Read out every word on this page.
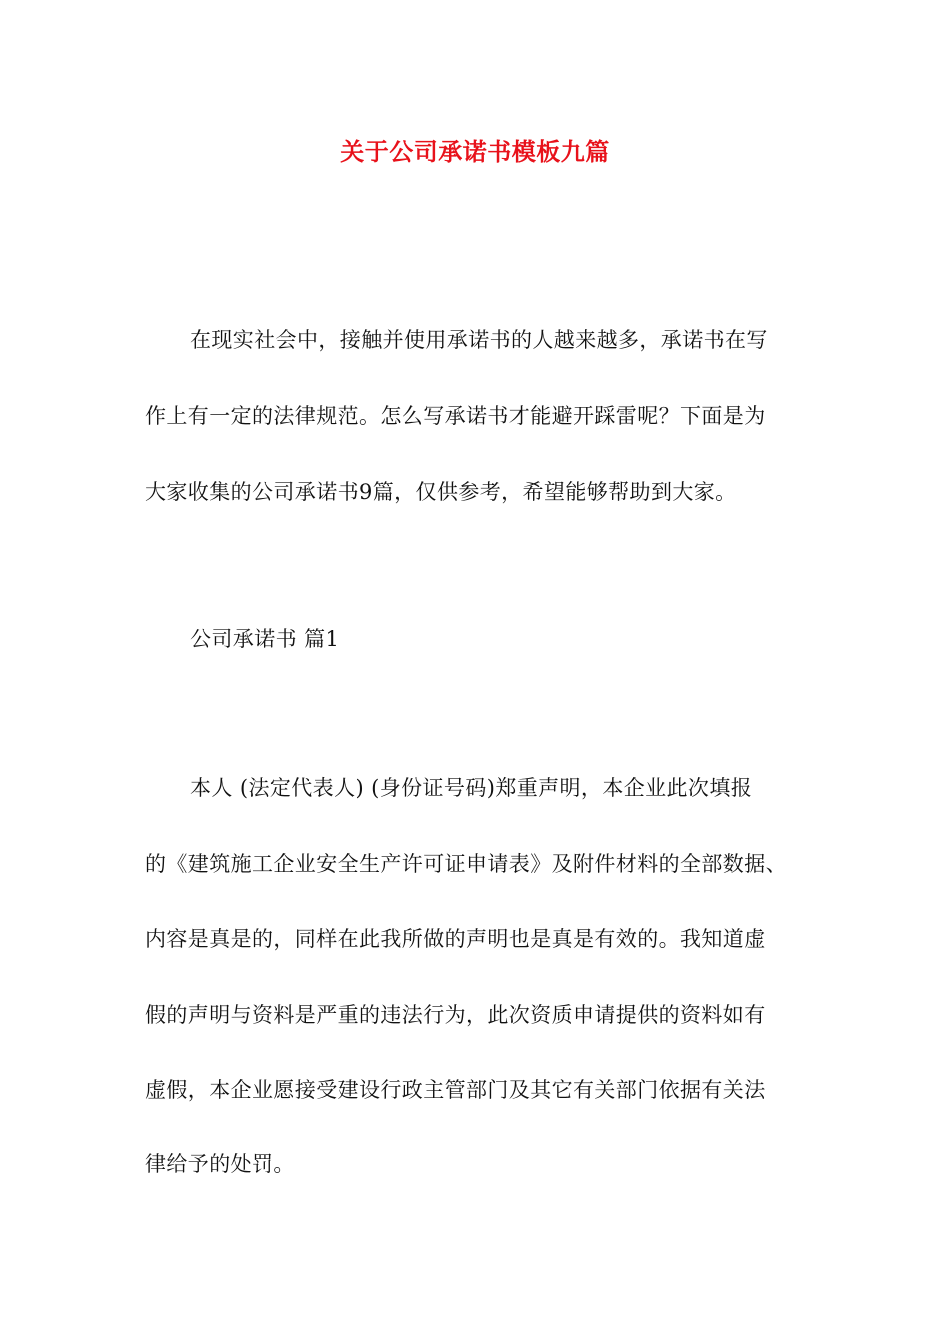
关于公司承诺书模板九篇
在现实社会中，接触并使用承诺书的人越来越多，承诺书在写
作上有一定的法律规范。怎么写承诺书才能避开踩雷呢？下面是为
大家收集的公司承诺书9篇，仅供参考，希望能够帮助到大家。
公司承诺书 篇1
本人 (法定代表人) (身份证号码)郑重声明，本企业此次填报
的《建筑施工企业安全生产许可证申请表》及附件材料的全部数据、
内容是真是的，同样在此我所做的声明也是真是有效的。我知道虚
假的声明与资料是严重的违法行为，此次资质申请提供的资料如有
虚假，本企业愿接受建设行政主管部门及其它有关部门依据有关法
律给予的处罚。
